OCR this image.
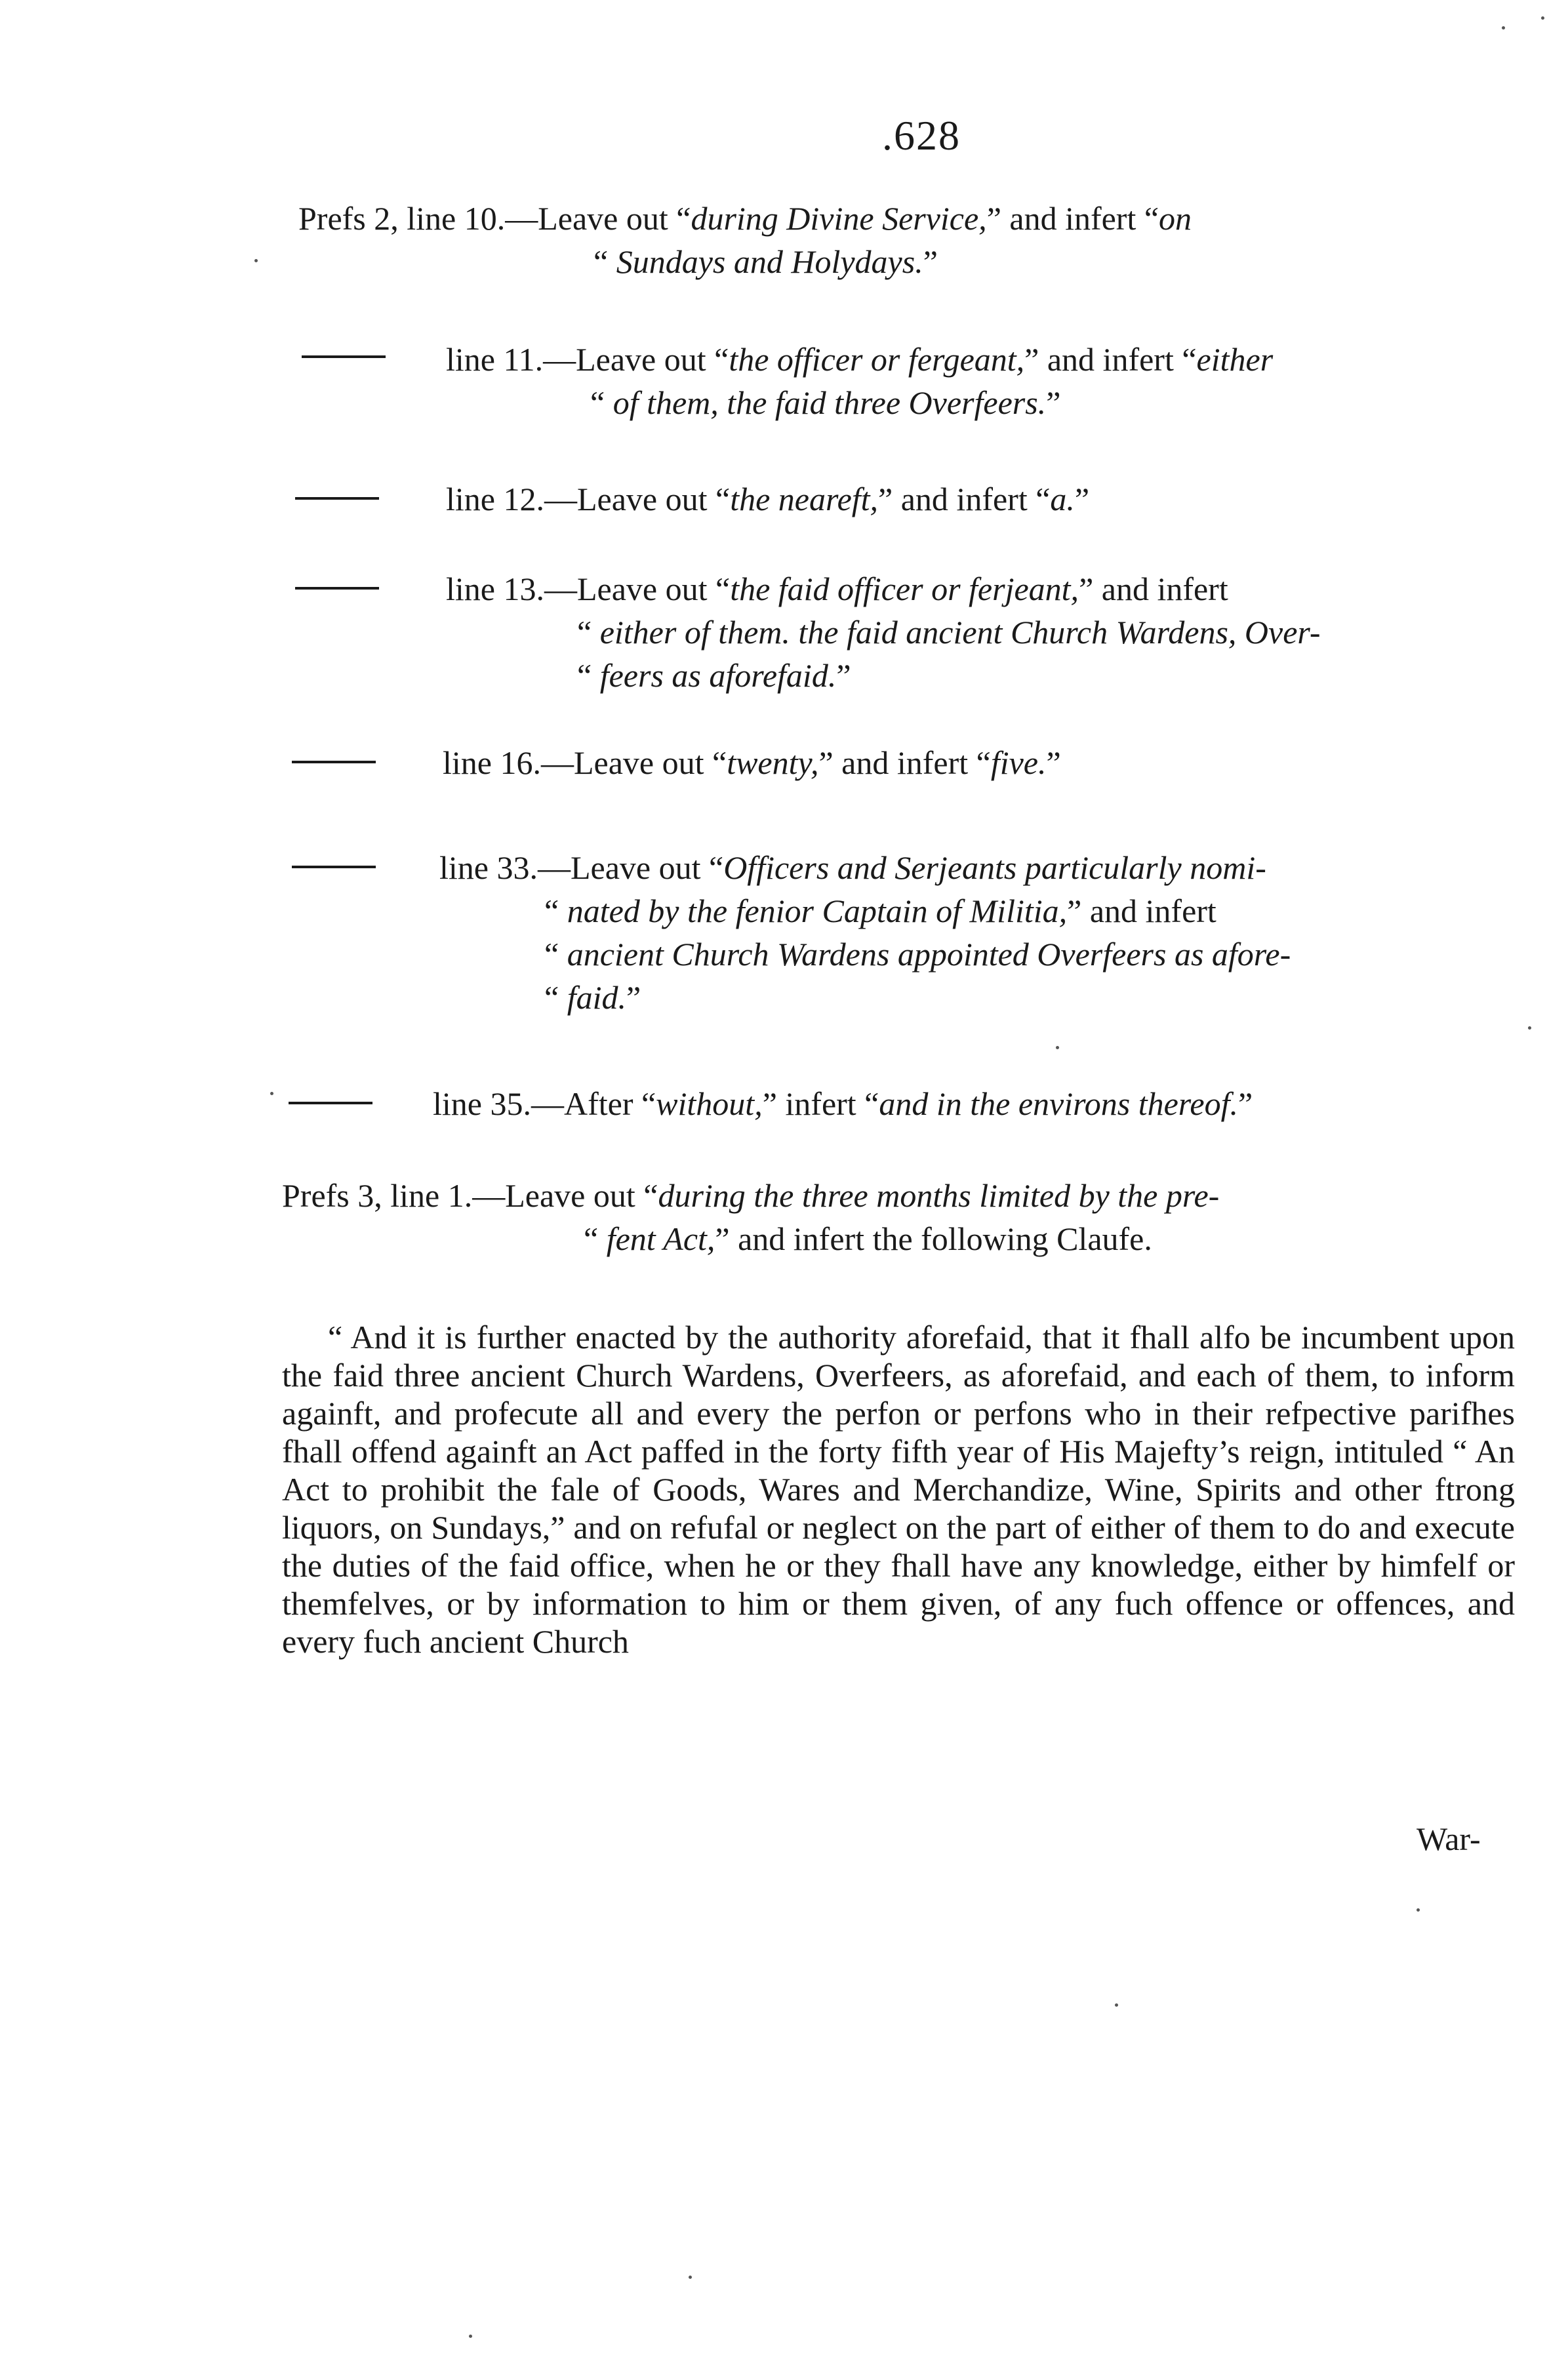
.628
Prefs 2, line 10.—Leave out “during Divine Service,” and infert “on
“ Sundays and Holydays.”
line 11.—Leave out “the officer or fergeant,” and infert “either
“ of them, the faid three Overfeers.”
line 12.—Leave out “the neareft,” and infert “a.”
line 13.—Leave out “the faid officer or ferjeant,” and infert
“ either of them. the faid ancient Church Wardens, Over-
“ feers as aforefaid.”
line 16.—Leave out “twenty,” and infert “five.”
line 33.—Leave out “Officers and Serjeants particularly nomi-
“ nated by the fenior Captain of Militia,” and infert
“ ancient Church Wardens appointed Overfeers as afore-
“ faid.”
line 35.—After “without,” infert “and in the environs thereof.”
Prefs 3, line 1.—Leave out “during the three months limited by the pre-
“ fent Act,” and infert the following Claufe.

“ And it is further enacted by the authority aforefaid, that it fhall alfo be incumbent upon the faid three ancient Church Wardens, Overfeers, as aforefaid, and each of them, to inform againft, and profecute all and every the perfon or perfons who in their refpective parifhes fhall offend againft an Act paffed in the forty fifth year of His Majefty’s reign, intituled “ An Act to prohibit the fale of Goods, Wares and Merchandize, Wine, Spirits and other ftrong liquors, on Sundays,” and on refufal or neglect on the part of either of them to do and execute the duties of the faid office, when he or they fhall have any knowledge, either by himfelf or themfelves, or by information to him or them given, of any fuch offence or offences, and every fuch ancient Church

War-
